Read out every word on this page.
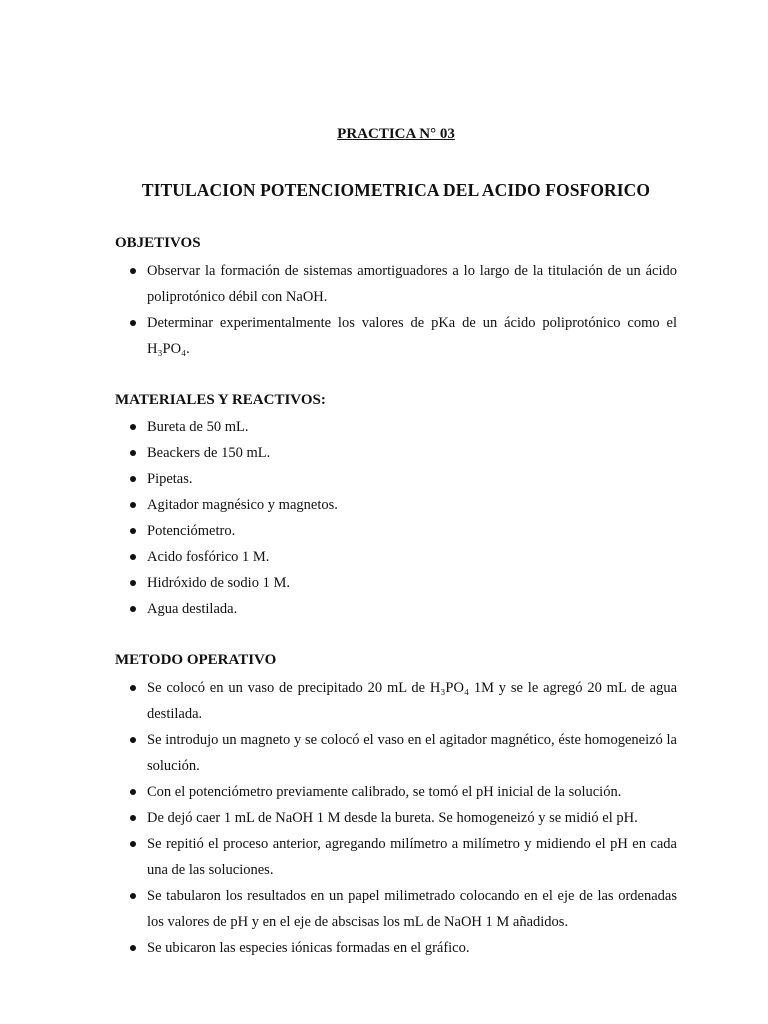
PRACTICA N° 03
TITULACION POTENCIOMETRICA DEL ACIDO FOSFORICO
OBJETIVOS
Observar la formación de sistemas amortiguadores a lo largo de la titulación de un ácido poliprotónico débil con NaOH.
Determinar experimentalmente los valores de pKa de un ácido poliprotónico como el H₃PO₄.
MATERIALES Y REACTIVOS:
Bureta de 50 mL.
Beackers de 150 mL.
Pipetas.
Agitador magnésico y magnetos.
Potenciómetro.
Acido fosfórico 1 M.
Hidróxido de sodio 1 M.
Agua destilada.
METODO OPERATIVO
Se colocó en un vaso de precipitado 20 mL de H₃PO₄ 1M y se le agregó 20 mL de agua destilada.
Se introdujo un magneto y se colocó el vaso en el agitador magnético, éste homogeneizó la solución.
Con el potenciómetro previamente calibrado, se tomó el pH inicial de la solución.
De dejó caer 1 mL de NaOH 1 M desde la bureta. Se homogeneizó y se midió el pH.
Se repitió el proceso anterior, agregando milímetro a milímetro y midiendo el pH en cada una de las soluciones.
Se tabularon los resultados en un papel milimetrado colocando en el eje de las ordenadas los valores de pH y en el eje de abscisas los mL de NaOH 1 M añadidos.
Se ubicaron las especies iónicas formadas en el gráfico.
